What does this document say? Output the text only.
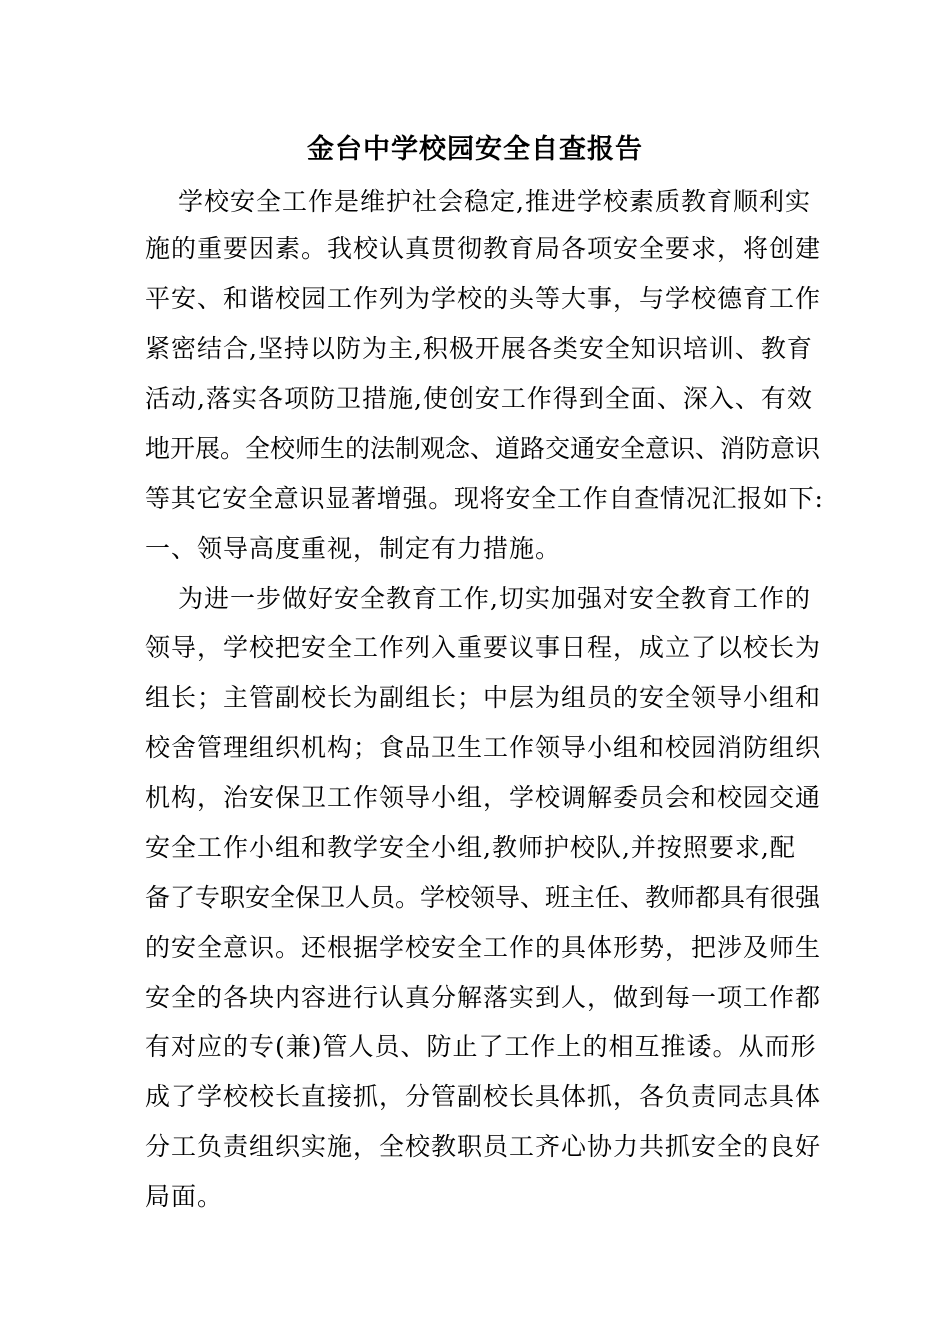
金台中学校园安全自查报告
学校安全工作是维护社会稳定,推进学校素质教育顺利实
施的重要因素。我校认真贯彻教育局各项安全要求，将创建
平安、和谐校园工作列为学校的头等大事，与学校德育工作
紧密结合,坚持以防为主,积极开展各类安全知识培训、教育
活动,落实各项防卫措施,使创安工作得到全面、深入、有效
地开展。全校师生的法制观念、道路交通安全意识、消防意识
等其它安全意识显著增强。现将安全工作自查情况汇报如下:
一、领导高度重视，制定有力措施。
为进一步做好安全教育工作,切实加强对安全教育工作的
领导，学校把安全工作列入重要议事日程，成立了以校长为
组长；主管副校长为副组长；中层为组员的安全领导小组和
校舍管理组织机构；食品卫生工作领导小组和校园消防组织
机构，治安保卫工作领导小组，学校调解委员会和校园交通
安全工作小组和教学安全小组,教师护校队,并按照要求,配
备了专职安全保卫人员。学校领导、班主任、教师都具有很强
的安全意识。还根据学校安全工作的具体形势，把涉及师生
安全的各块内容进行认真分解落实到人，做到每一项工作都
有对应的专(兼)管人员、防止了工作上的相互推诿。从而形
成了学校校长直接抓，分管副校长具体抓，各负责同志具体
分工负责组织实施，全校教职员工齐心协力共抓安全的良好
局面。
